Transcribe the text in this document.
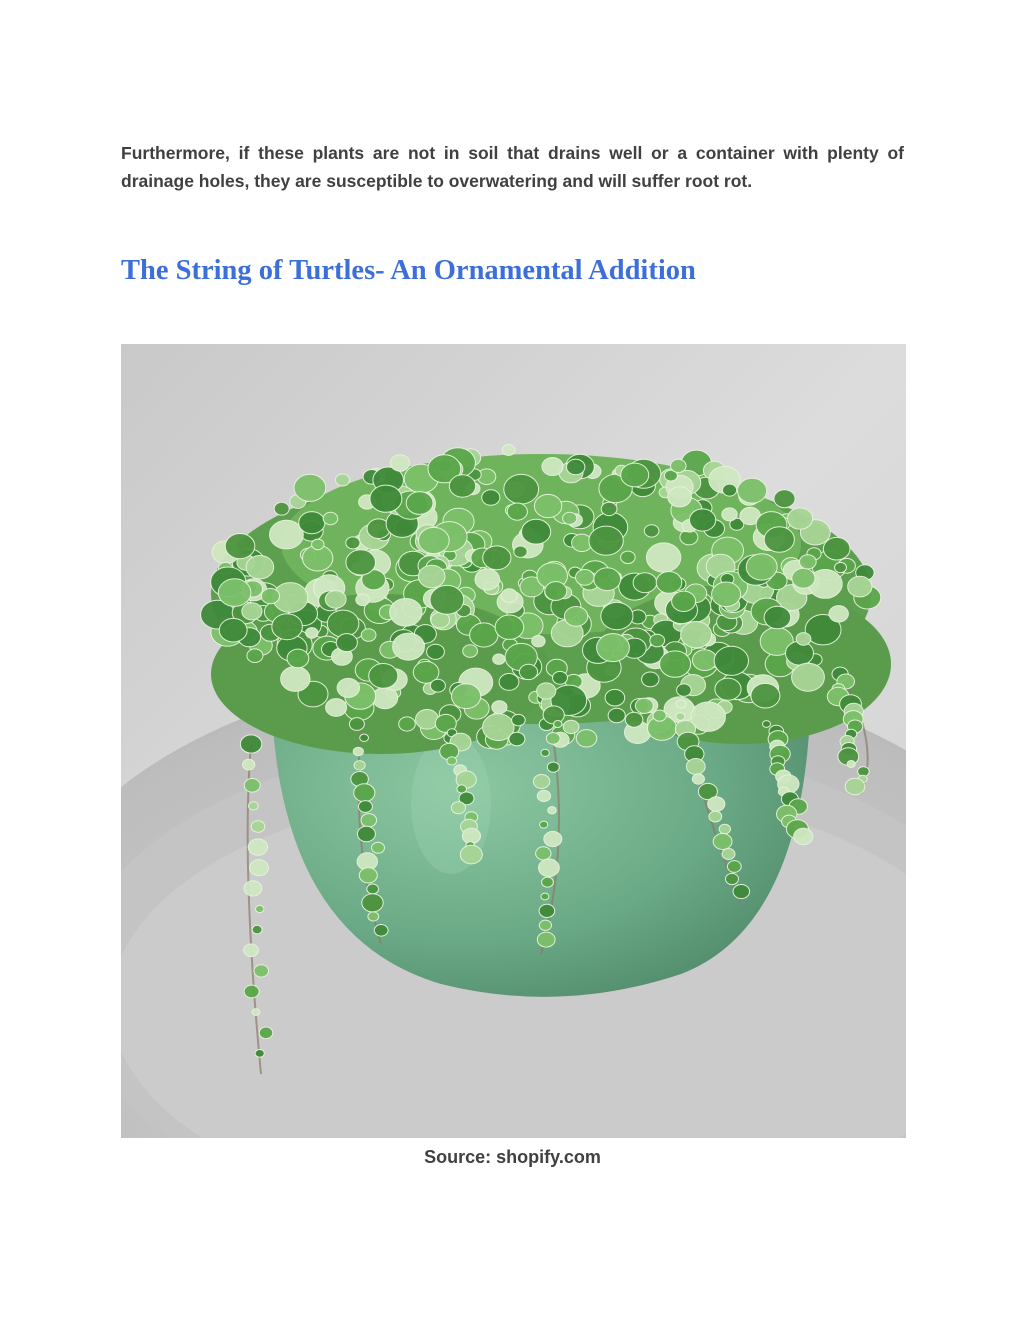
Furthermore, if these plants are not in soil that drains well or a container with plenty of drainage holes, they are susceptible to overwatering and will suffer root rot.

The String of Turtles- An Ornamental Addition

Source: shopify.com
